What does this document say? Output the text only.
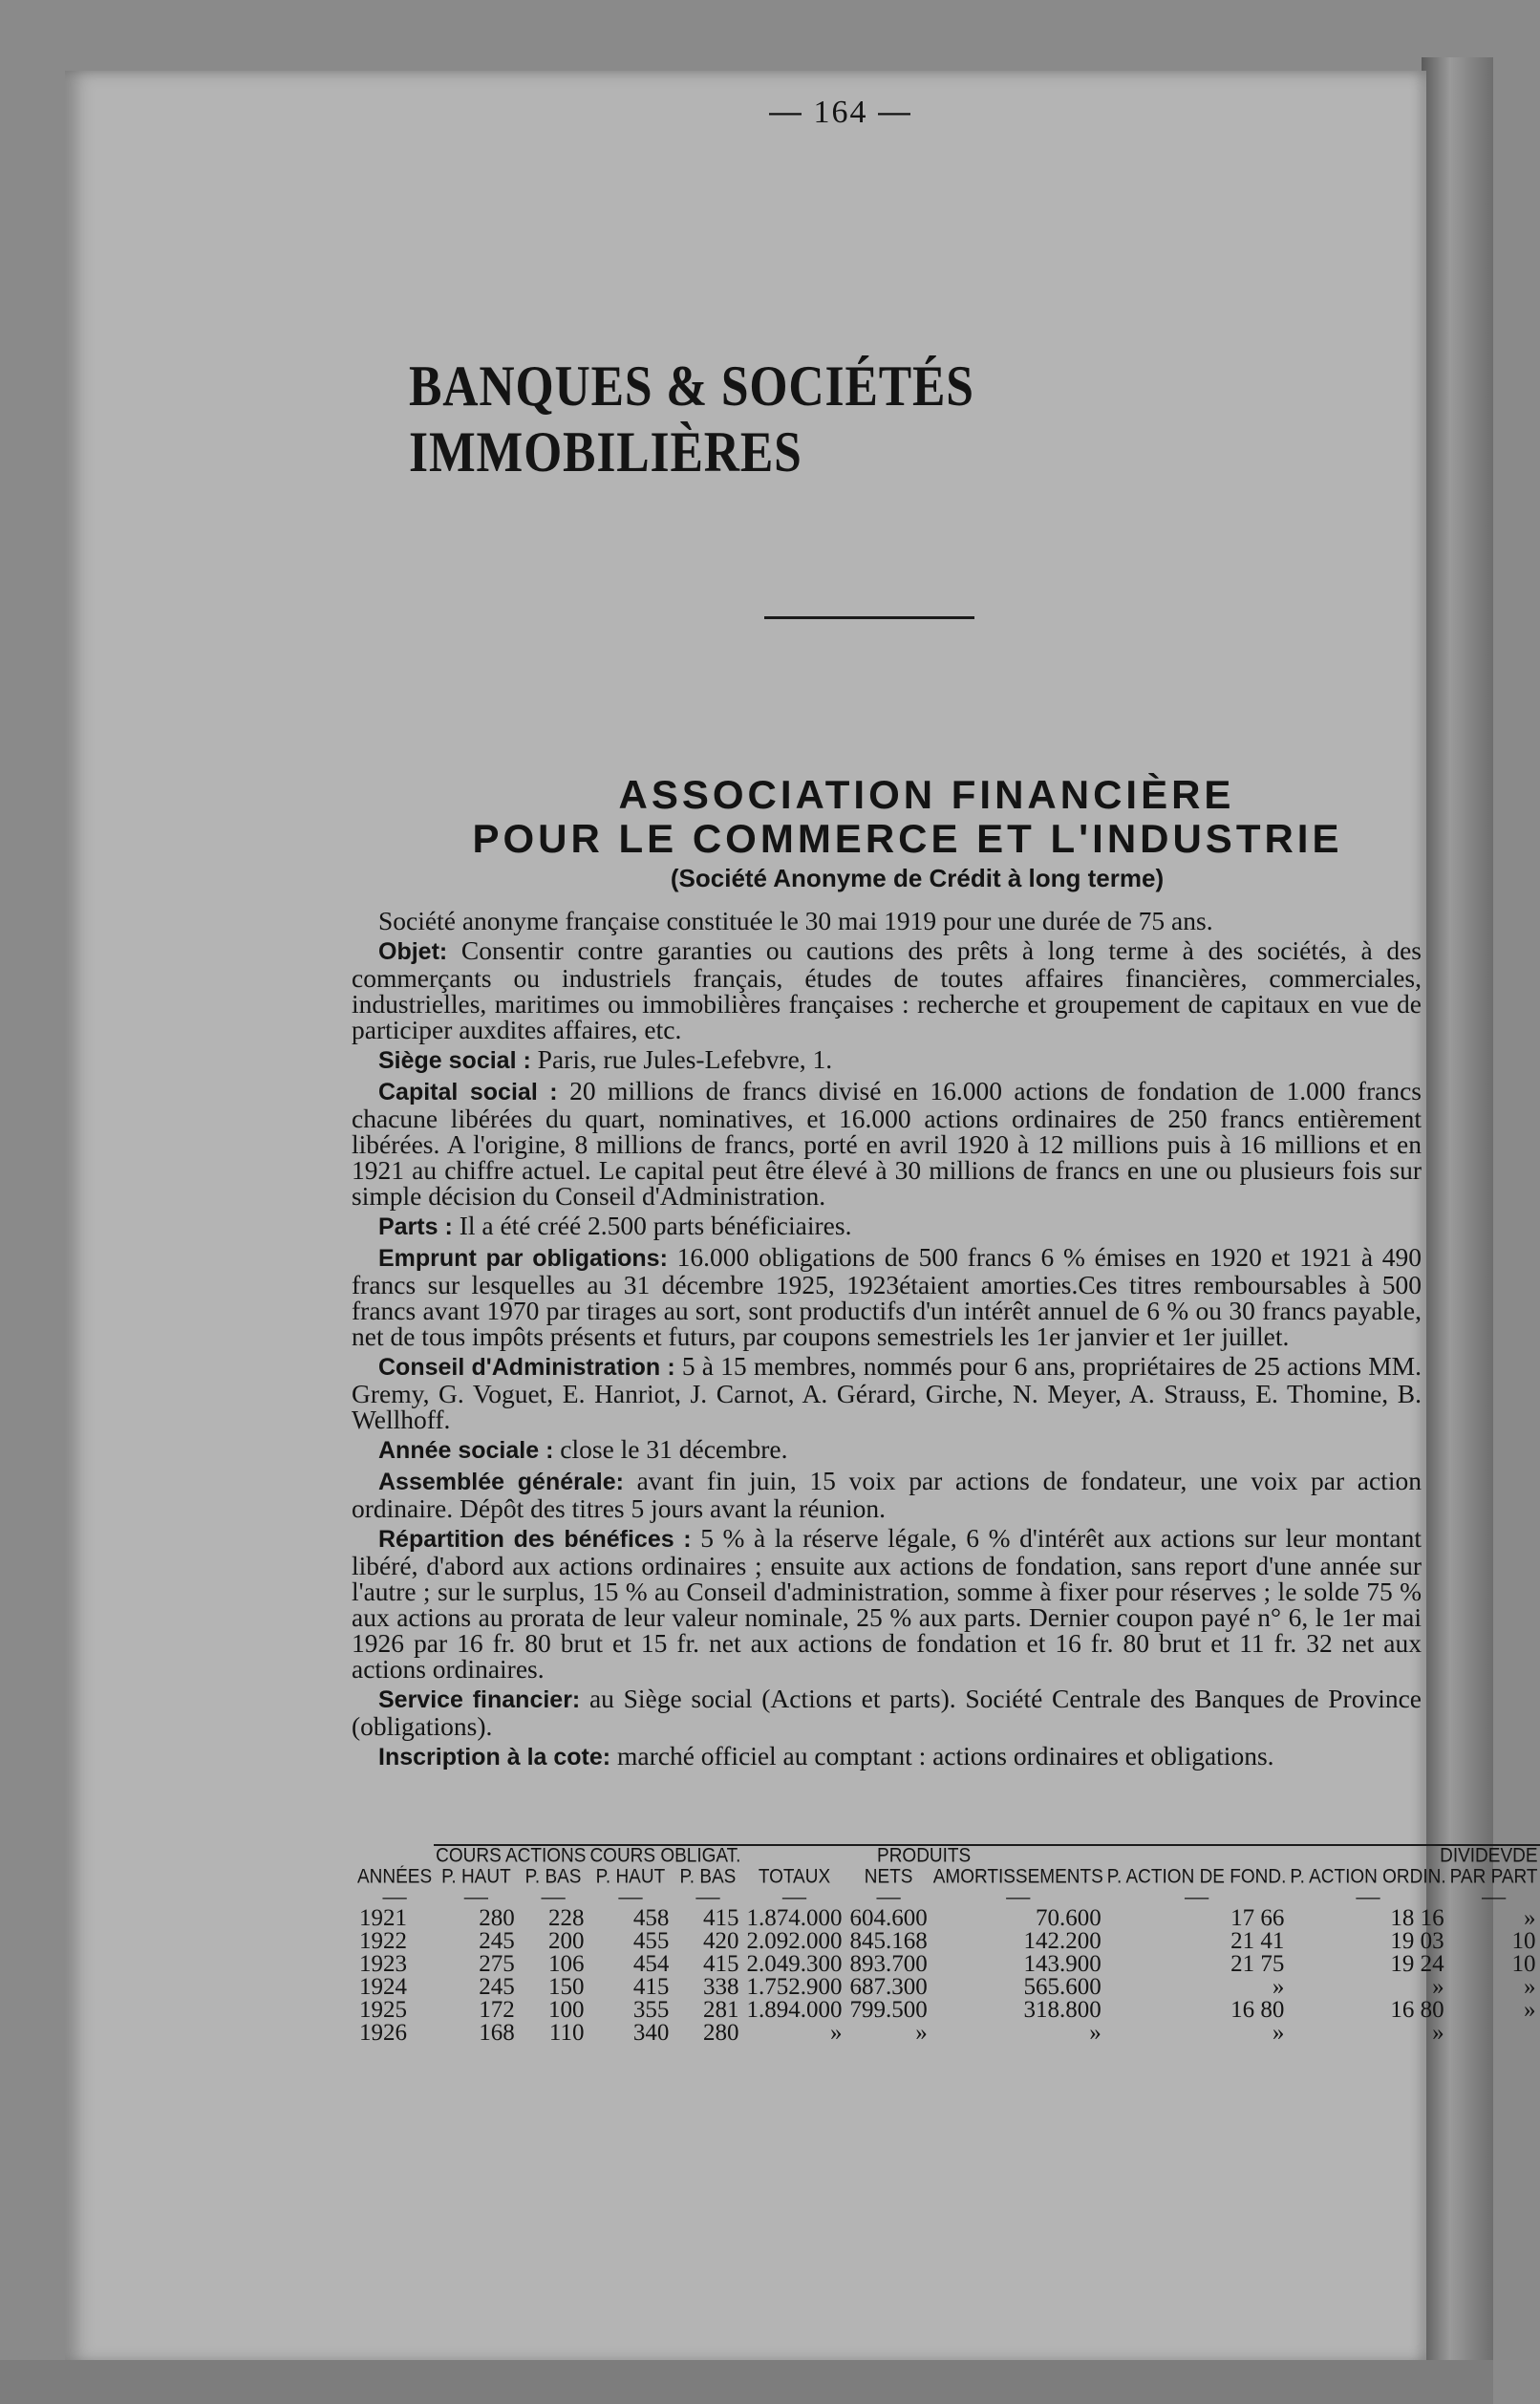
— 164 —
BANQUES & SOCIÉTÉS IMMOBILIÈRES
ASSOCIATION FINANCIÈRE
POUR LE COMMERCE ET L'INDUSTRIE
(Société Anonyme de Crédit à long terme)

Société anonyme française constituée le 30 mai 1919 pour une durée de 75 ans.

Objet: Consentir contre garanties ou cautions des prêts à long terme à des sociétés, à des commerçants ou industriels français, études de toutes affaires financières, commerciales, industrielles, maritimes ou immobilières françaises : recherche et groupement de capitaux en vue de participer auxdites affaires, etc.

Siège social : Paris, rue Jules-Lefebvre, 1.

Capital social : 20 millions de francs divisé en 16.000 actions de fondation de 1.000 francs chacune libérées du quart, nominatives, et 16.000 actions ordinaires de 250 francs entièrement libérées. A l'origine, 8 millions de francs, porté en avril 1920 à 12 millions puis à 16 millions et en 1921 au chiffre actuel. Le capital peut être élevé à 30 millions de francs en une ou plusieurs fois sur simple décision du Conseil d'Administration.

Parts : Il a été créé 2.500 parts bénéficiaires.

Emprunt par obligations: 16.000 obligations de 500 francs 6 % émises en 1920 et 1921 à 490 francs sur lesquelles au 31 décembre 1925, 1923étaient amorties.Ces titres remboursables à 500 francs avant 1970 par tirages au sort, sont productifs d'un intérêt annuel de 6 % ou 30 francs payable, net de tous impôts présents et futurs, par coupons semestriels les 1er janvier et 1er juillet.

Conseil d'Administration : 5 à 15 membres, nommés pour 6 ans, propriétaires de 25 actions MM. Gremy, G. Voguet, E. Hanriot, J. Carnot, A. Gérard, Girche, N. Meyer, A. Strauss, E. Thomine, B. Wellhoff.

Année sociale : close le 31 décembre.

Assemblée générale: avant fin juin, 15 voix par actions de fondateur, une voix par action ordinaire. Dépôt des titres 5 jours avant la réunion.

Répartition des bénéfices : 5 % à la réserve légale, 6 % d'intérêt aux actions sur leur montant libéré, d'abord aux actions ordinaires ; ensuite aux actions de fondation, sans report d'une année sur l'autre ; sur le surplus, 15 % au Conseil d'administration, somme à fixer pour réserves ; le solde 75 % aux actions au prorata de leur valeur nominale, 25 % aux parts. Dernier coupon payé n° 6, le 1er mai 1926 par 16 fr. 80 brut et 15 fr. net aux actions de fondation et 16 fr. 80 brut et 11 fr. 32 net aux actions ordinaires.

Service financier: au Siège social (Actions et parts). Société Centrale des Banques de Province (obligations).

Inscription à la cote: marché officiel au comptant : actions ordinaires et obligations.

	COURS ACTIONS		COURS OBLIGAT.		PRODUITS			DIVIDEVDE		
ANNÉES	P. HAUT	P. BAS	P. HAUT	P. BAS	TOTAUX	NETS	AMORTISSEMENTS	P. ACTION DE FOND.	P. ACTION ORDIN.	PAR PART
—	—	—	—	—	—	—	—	—	—	—
1921	280	228	458	415	1.874.000	604.600	70.600	17 66	18 16	»
1922	245	200	455	420	2.092.000	845.168	142.200	21 41	19 03	10
1923	275	106	454	415	2.049.300	893.700	143.900	21 75	19 24	10
1924	245	150	415	338	1.752.900	687.300	565.600	»	»	»
1925	172	100	355	281	1.894.000	799.500	318.800	16 80	16 80	»
1926	168	110	340	280	»	»	»	»	»	
